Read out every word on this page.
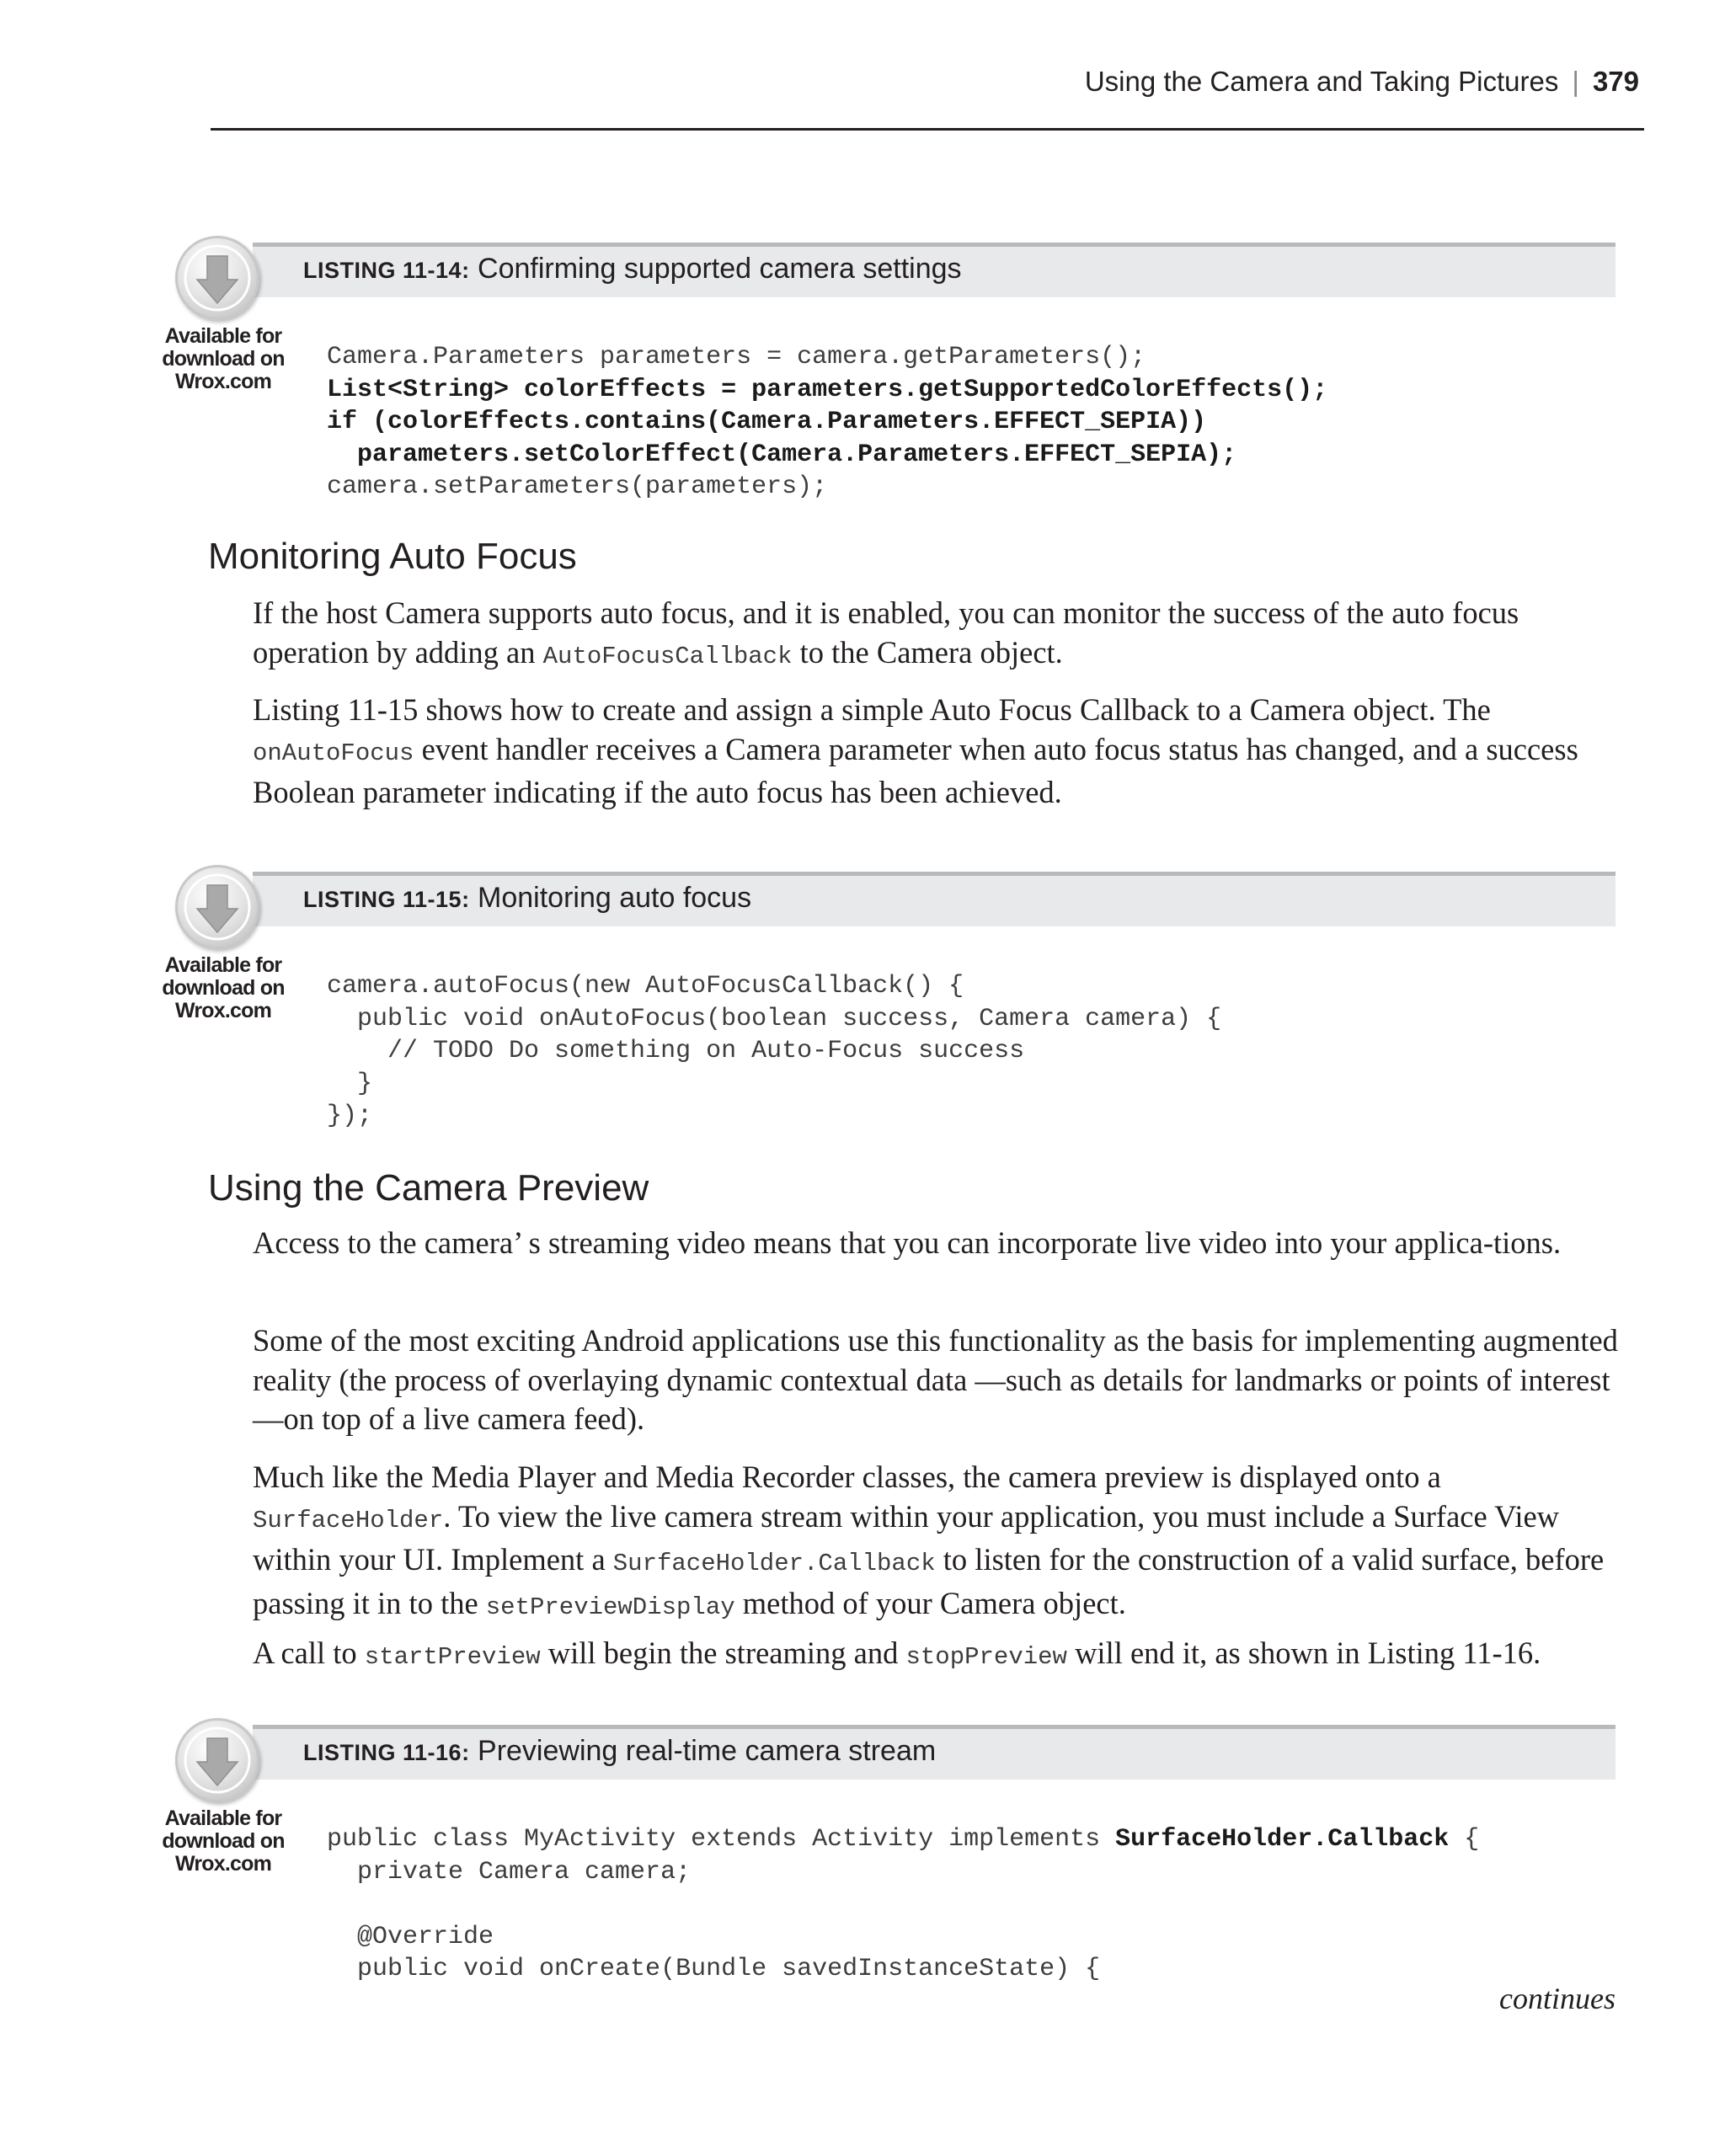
Using the Camera and Taking Pictures | 379
LISTING 11-14: Confirming supported camera settings
Available for
download on
Wrox.com
Camera.Parameters parameters = camera.getParameters();
List<String> colorEffects = parameters.getSupportedColorEffects();
if (colorEffects.contains(Camera.Parameters.EFFECT_SEPIA))
parameters.setColorEffect(Camera.Parameters.EFFECT_SEPIA);
camera.setParameters(parameters);
Monitoring Auto Focus

If the host Camera supports auto focus, and it is enabled, you can monitor the success of the auto focus operation by adding an AutoFocusCallback to the Camera object.

Listing 11-15 shows how to create and assign a simple Auto Focus Callback to a Camera object. The onAutoFocus event handler receives a Camera parameter when auto focus status has changed, and a success Boolean parameter indicating if the auto focus has been achieved.

LISTING 11-15: Monitoring auto focus
Available for
download on
Wrox.com
camera.autoFocus(new AutoFocusCallback() {
public void onAutoFocus(boolean success, Camera camera) {
// TODO Do something on Auto-Focus success
}
});
Using the Camera Preview

Access to the camera’ s streaming video means that you can incorporate live video into your applica-tions.

Some of the most exciting Android applications use this functionality as the basis for implementing augmented reality (the process of overlaying dynamic contextual data —such as details for landmarks or points of interest —on top of a live camera feed).

Much like the Media Player and Media Recorder classes, the camera preview is displayed onto a SurfaceHolder. To view the live camera stream within your application, you must include a Surface View within your UI. Implement a SurfaceHolder.Callback to listen for the construction of a valid surface, before passing it in to the setPreviewDisplay method of your Camera object.

A call to startPreview will begin the streaming and stopPreview will end it, as shown in Listing 11-16.

LISTING 11-16: Previewing real-time camera stream
Available for
download on
Wrox.com
public class MyActivity extends Activity implements SurfaceHolder.Callback {
private Camera camera;

@Override
public void onCreate(Bundle savedInstanceState) {
continues
